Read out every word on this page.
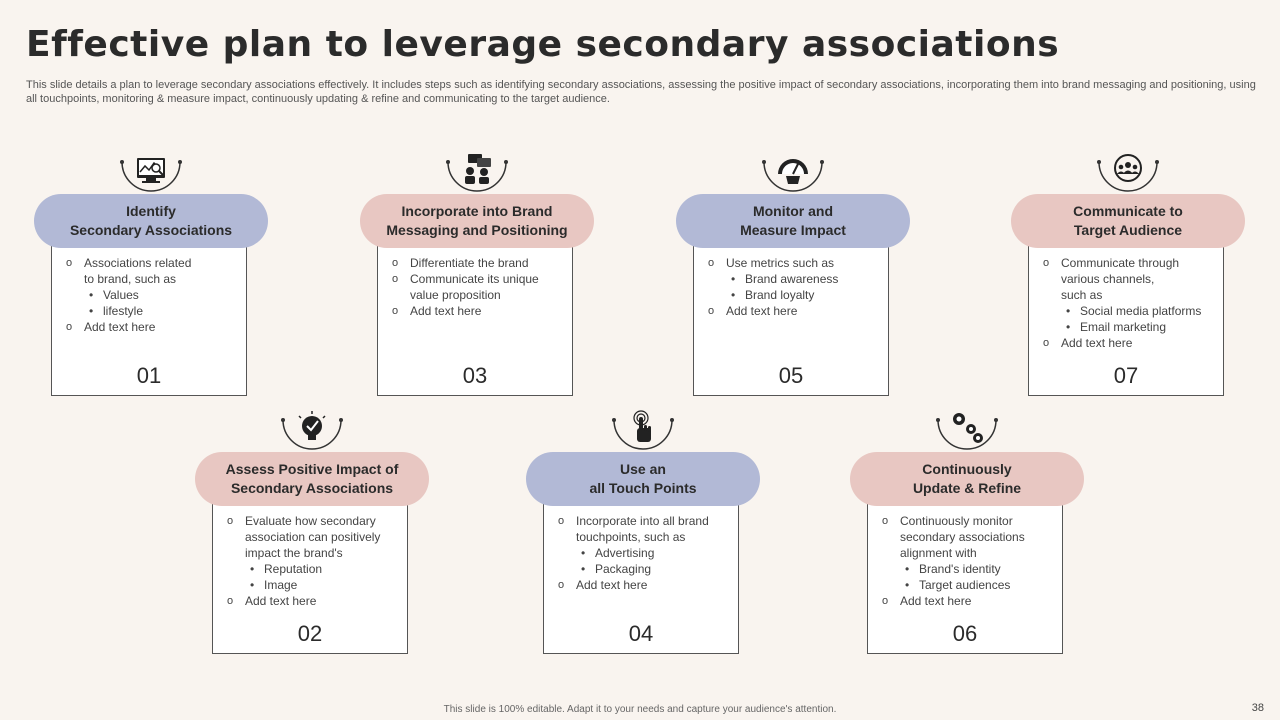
Effective plan to leverage secondary associations
This slide details a plan to leverage secondary associations effectively. It includes steps such as identifying secondary associations, assessing the positive impact of secondary associations, incorporating them into brand messaging and positioning, using all touchpoints, monitoring & measure impact, continuously updating & refine and communicating to the target audience.
Identify
Secondary Associations
o Associations related
to brand, such as
• Values
• lifestyle
o Add text here
01
Assess Positive Impact of
Secondary Associations
o Evaluate how secondary
association can positively
impact the brand's
• Reputation
• Image
o Add text here
02
Incorporate into Brand
Messaging and Positioning
o Differentiate the brand
o Communicate its unique
value proposition
o Add text here
03
Use an
all Touch Points
o Incorporate into all brand
touchpoints, such as
• Advertising
• Packaging
o Add text here
04
Monitor and
Measure Impact
o Use metrics such as
• Brand awareness
• Brand loyalty
o Add text here
05
Continuously
Update & Refine
o Continuously monitor
secondary associations
alignment with
• Brand's identity
• Target audiences
o Add text here
06
Communicate to
Target Audience
o Communicate through
various channels,
such as
• Social media platforms
• Email marketing
o Add text here
07
This slide is 100% editable. Adapt it to your needs and capture your audience's attention.	38
